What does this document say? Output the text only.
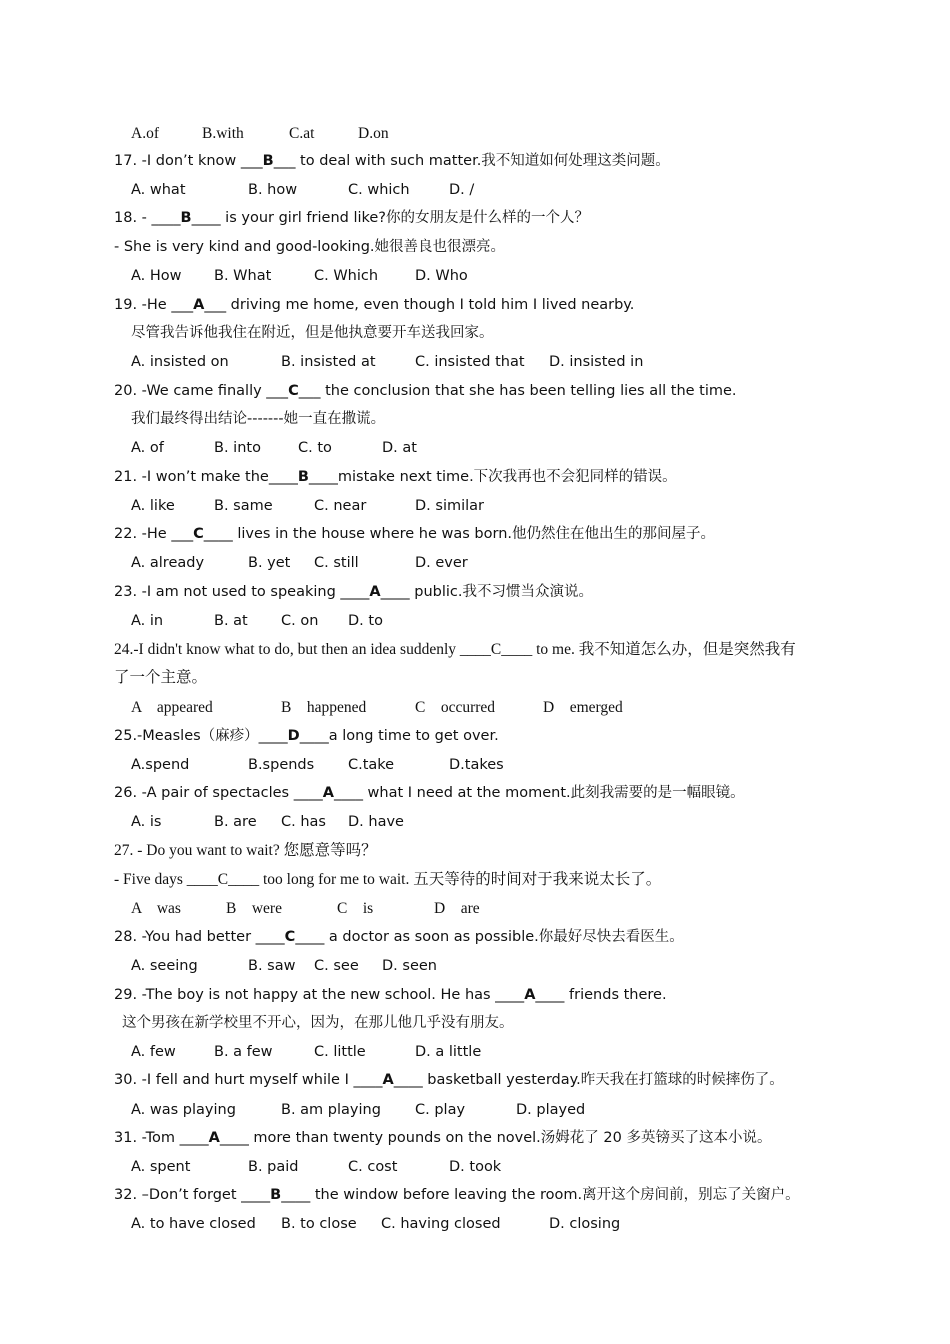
A.of	B.with	C.at	D.on
17. -I don’t know ___B___ to deal with such matter.我不知道如何处理这类问题。
A. what	B. how	C. which	D. /
18. - ____B____ is your girl friend like?你的女朋友是什么样的一个人？
- She is very kind and good-looking.她很善良也很漂亮。
A. How B. What	C. Which	D. Who
19. -He ___A___ driving me home, even though I told him I lived nearby.
尽管我告诉他我住在附近，但是他执意要开车送我回家。
A. insisted on	B. insisted at	C. insisted that D. insisted in
20. -We came finally ___C___ the conclusion that she has been telling lies all the time.
我们最终得出结论-------她一直在撒谎。
A. of	B. into	C. to	D. at
21. -I won’t make the____B____mistake next time.下次我再也不会犯同样的错误。
A. like	B. same	C. near	D. similar
22. -He ___C____ lives in the house where he was born.他仍然住在他出生的那间屋子。
A. already	B. yet C. still	D. ever
23. -I am not used to speaking ____A____ public.我不习惯当众演说。
A. in	B. at C. on D. to
24.-I didn't know what to do, but then an idea suddenly ____C____ to me. 我不知道怎么办，但是突然我有
了一个主意。
A    appeared	B    happened	C    occurred	D    emerged
25.-Measles（麻疹）____D____a long time to get over.
A.spend	B.spends C.take	D.takes
26. -A pair of spectacles ____A____ what I need at the moment.此刻我需要的是一幅眼镜。
A. is	B. are C. has D. have
27. - Do you want to wait? 您愿意等吗？
- Five days ____C____ too long for me to wait. 五天等待的时间对于我来说太长了。
A    was	B    were	C    is	D    are
28. -You had better ____C____ a doctor as soon as possible.你最好尽快去看医生。
A. seeing	B. saw C. see D. seen
29. -The boy is not happy at the new school. He has ____A____ friends there.
这个男孩在新学校里不开心，因为，在那儿他几乎没有朋友。
A. few	B. a few	C. little	D. a little
30. -I fell and hurt myself while I ____A____ basketball yesterday.昨天我在打篮球的时候摔伤了。
A. was playing	B. am playing C. play	D. played
31. -Tom ____A____ more than twenty pounds on the novel.汤姆花了 20 多英镑买了这本小说。
A. spent	B. paid	C. cost	D. took
32. –Don’t forget ____B____ the window before leaving the room.离开这个房间前，别忘了关窗户。
A. to have closed B. to close C. having closed	D. closing
